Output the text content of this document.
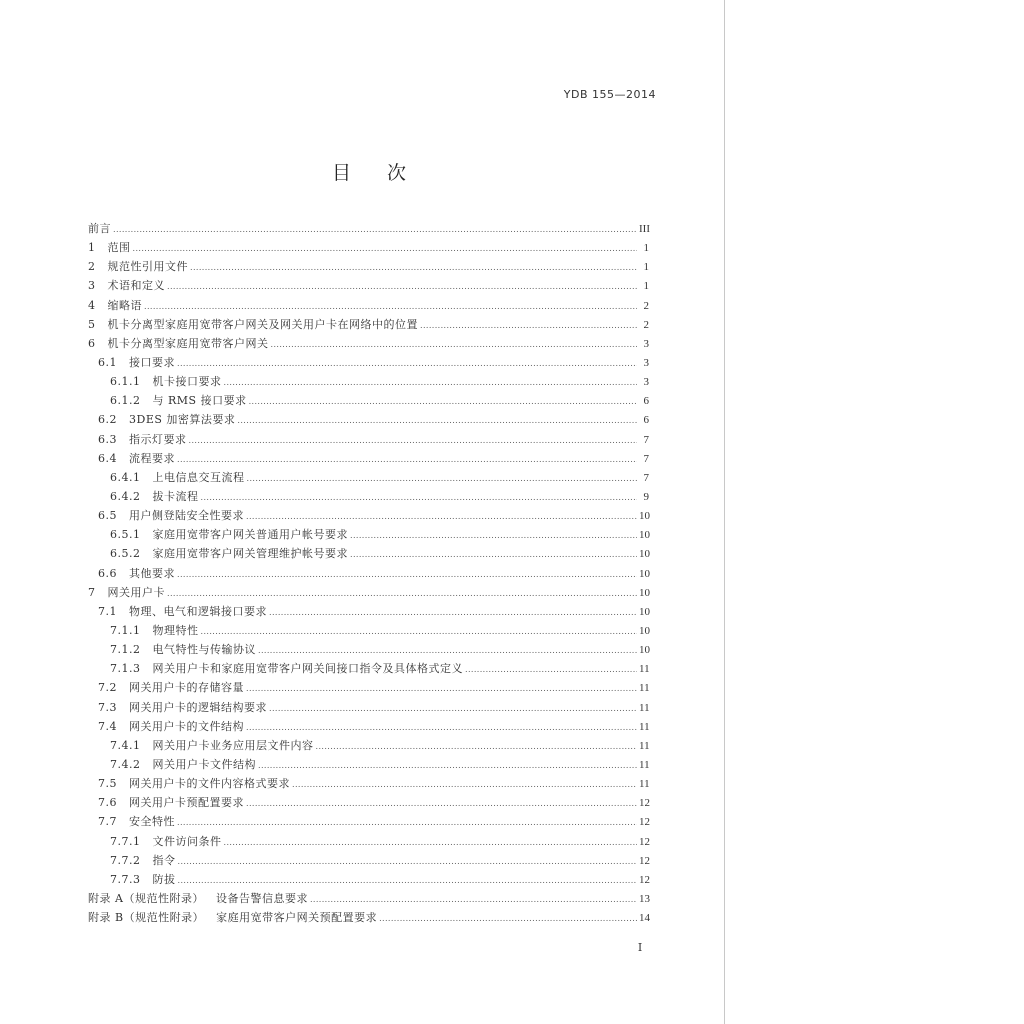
YDB 155—2014
目 次
前言 .....	III
1 范围 .....	1
2 规范性引用文件 .....	1
3 术语和定义 .....	1
4 缩略语 .....	2
5 机卡分离型家庭用宽带客户网关及网关用户卡在网络中的位置 .....	2
6 机卡分离型家庭用宽带客户网关 .....	3
6.1 接口要求 .....	3
6.1.1 机卡接口要求 .....	3
6.1.2 与 RMS 接口要求 .....	6
6.2 3DES 加密算法要求 .....	6
6.3 指示灯要求 .....	7
6.4 流程要求 .....	7
6.4.1 上电信息交互流程 .....	7
6.4.2 拔卡流程 .....	9
6.5 用户侧登陆安全性要求 .....	10
6.5.1 家庭用宽带客户网关普通用户帐号要求 .....	10
6.5.2 家庭用宽带客户网关管理维护帐号要求 .....	10
6.6 其他要求 .....	10
7 网关用户卡 .....	10
7.1 物理、电气和逻辑接口要求 .....	10
7.1.1 物理特性 .....	10
7.1.2 电气特性与传输协议 .....	10
7.1.3 网关用户卡和家庭用宽带客户网关间接口指令及具体格式定义 .....	11
7.2 网关用户卡的存储容量 .....	11
7.3 网关用户卡的逻辑结构要求 .....	11
7.4 网关用户卡的文件结构 .....	11
7.4.1 网关用户卡业务应用层文件内容 .....	11
7.4.2 网关用户卡文件结构 .....	11
7.5 网关用户卡的文件内容格式要求 .....	11
7.6 网关用户卡预配置要求 .....	12
7.7 安全特性 .....	12
7.7.1 文件访问条件 .....	12
7.7.2 指令 .....	12
7.7.3 防拔 .....	12
附录 A（规范性附录） 设备告警信息要求 .....	13
附录 B（规范性附录） 家庭用宽带客户网关预配置要求 .....	14
I
